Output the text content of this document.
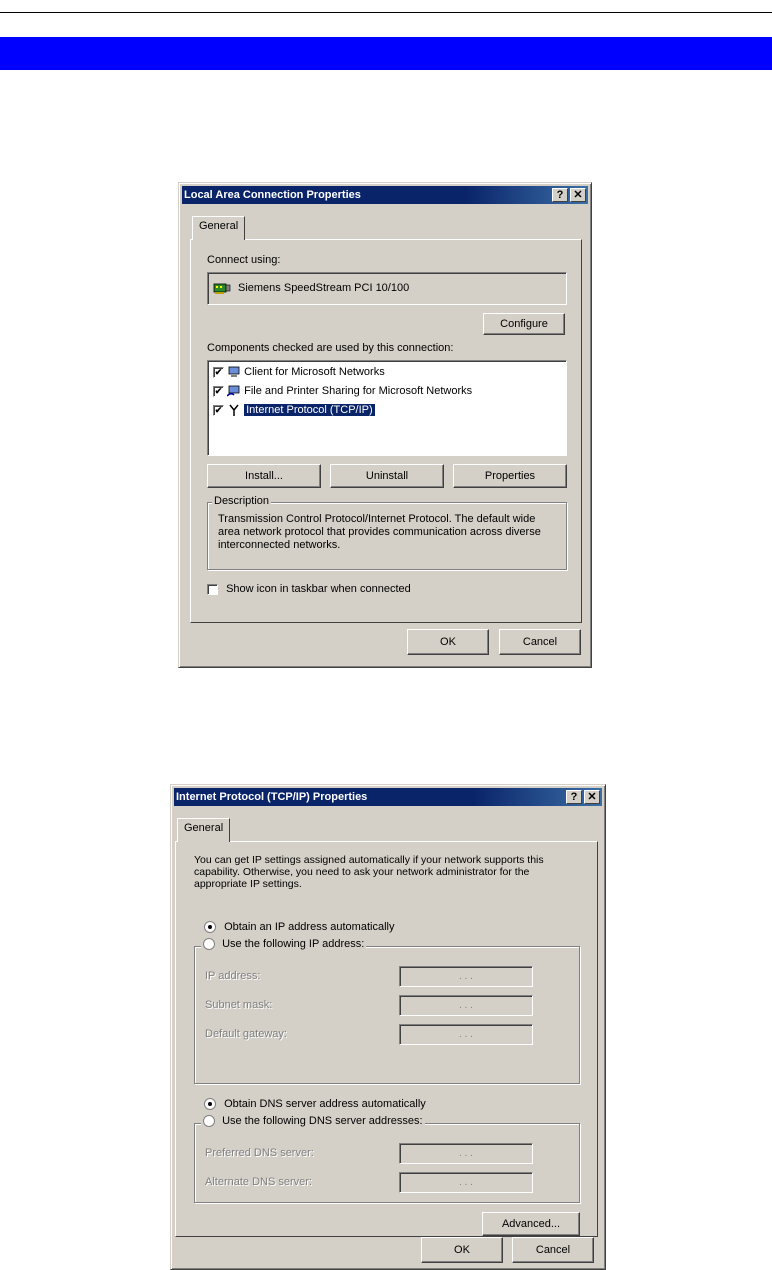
Local Area Connection Properties	? ✕
General
Connect using:
Siemens SpeedStream PCI 10/100
Configure
Components checked are used by this connection:
✔ Client for Microsoft Networks
✔ File and Printer Sharing for Microsoft Networks
✔ Internet Protocol (TCP/IP)
Install...	Uninstall	Properties
Description
Transmission Control Protocol/Internet Protocol. The default wide area network protocol that provides communication across diverse interconnected networks.
Show icon in taskbar when connected
OK	Cancel
Internet Protocol (TCP/IP) Properties	? ✕
General
You can get IP settings assigned automatically if your network supports this capability. Otherwise, you need to ask your network administrator for the appropriate IP settings.
Obtain an IP address automatically
Use the following IP address:
IP address:	. . .
Subnet mask:	. . .
Default gateway:	. . .
Obtain DNS server address automatically
Use the following DNS server addresses:
Preferred DNS server:	. . .
Alternate DNS server:	. . .
Advanced...
OK	Cancel
